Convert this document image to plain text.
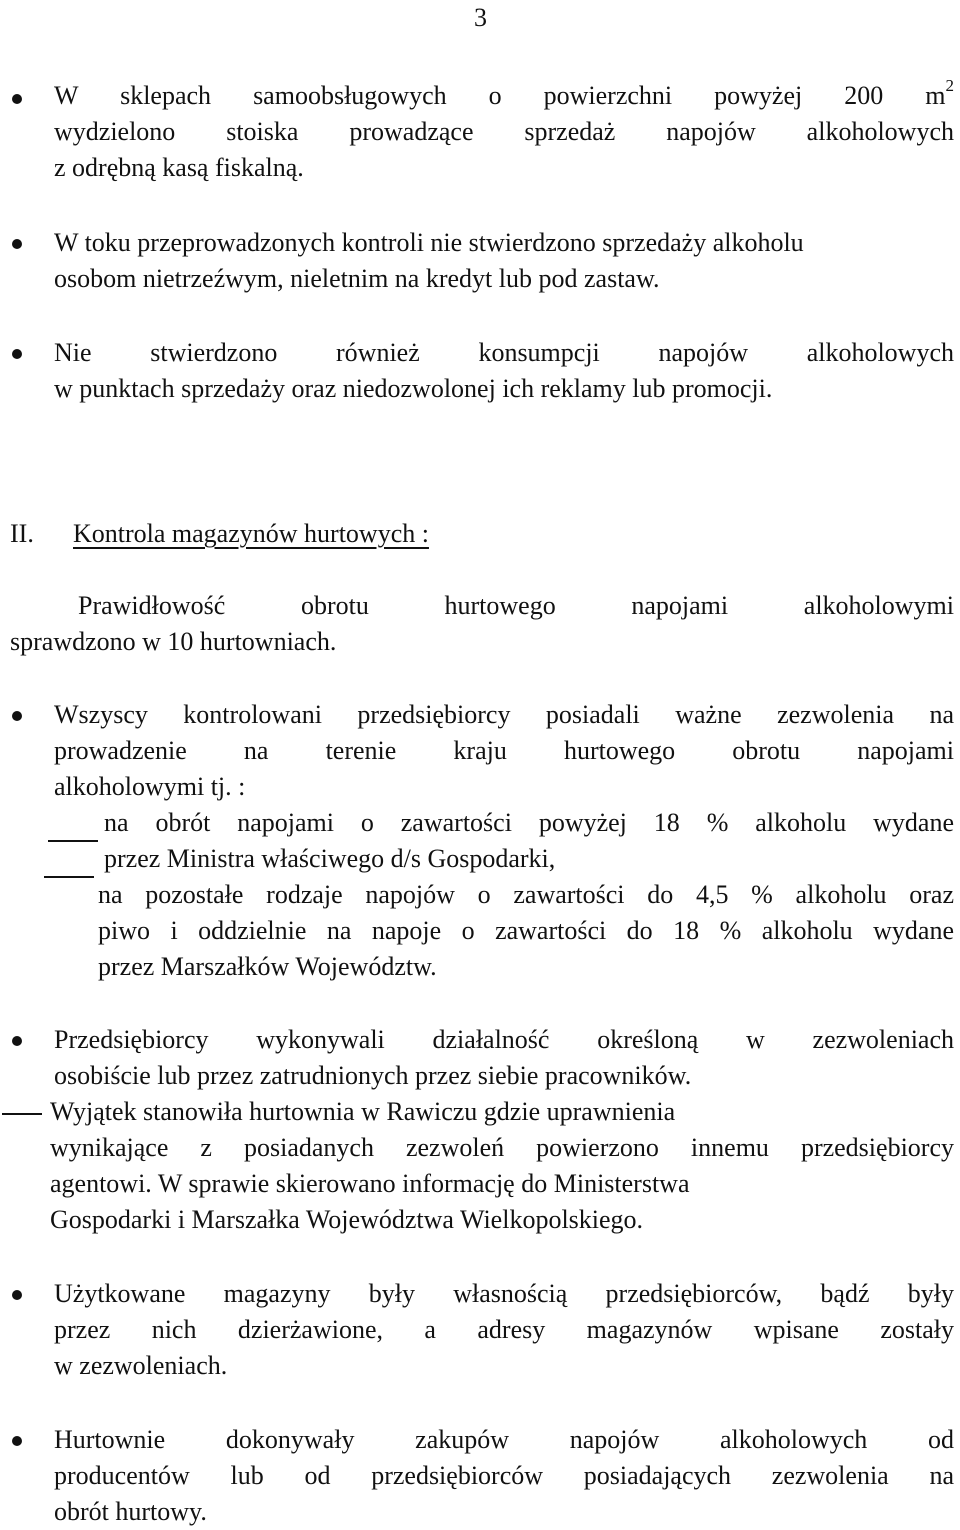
3
W sklepach samoobsługowych o powierzchni powyżej 200 $m^2$
wydzielono stoiska prowadzące sprzedaż napojów alkoholowych
z odrębną kasą fiskalną.
W toku przeprowadzonych kontroli nie stwierdzono sprzedaży alkoholu
osobom nietrzeźwym, nieletnim na kredyt lub pod zastaw.
Nie stwierdzono również konsumpcji napojów alkoholowych
w punktach sprzedaży oraz niedozwolonej ich reklamy lub promocji.
II. Kontrola magazynów hurtowych :
Prawidłowość obrotu hurtowego napojami alkoholowymi
sprawdzono w 10 hurtowniach.
Wszyscy kontrolowani przedsiębiorcy posiadali ważne zezwolenia na
prowadzenie na terenie kraju hurtowego obrotu napojami
alkoholowymi tj. :
na obrót napojami o zawartości powyżej 18 % alkoholu wydane
przez Ministra właściwego d/s Gospodarki,
na pozostałe rodzaje napojów o zawartości do 4,5 % alkoholu oraz
piwo i oddzielnie na napoje o zawartości do 18 % alkoholu wydane
przez Marszałków Województw.
Przedsiębiorcy wykonywali działalność określoną w zezwoleniach
osobiście lub przez zatrudnionych przez siebie pracowników.
Wyjątek stanowiła hurtownia w Rawiczu gdzie uprawnienia
wynikające z posiadanych zezwoleń powierzono innemu przedsiębiorcy
agentowi. W sprawie skierowano informację do Ministerstwa
Gospodarki i Marszałka Województwa Wielkopolskiego.
Użytkowane magazyny były własnością przedsiębiorców, bądź były
przez nich dzierżawione, a adresy magazynów wpisane zostały
w zezwoleniach.
Hurtownie dokonywały zakupów napojów alkoholowych od
producentów lub od przedsiębiorców posiadających zezwolenia na
obrót hurtowy.
